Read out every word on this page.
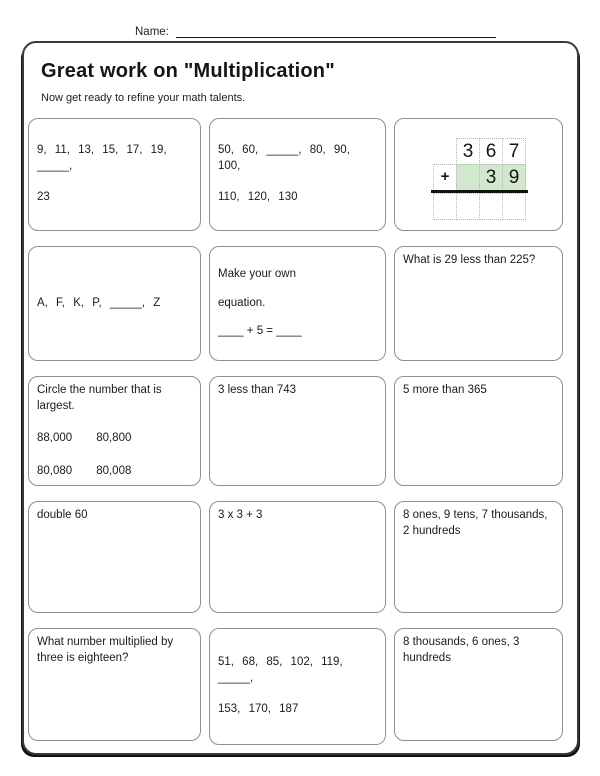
Name:
Great work on "Multiplication"
Now get ready to refine your math talents.
9, 11, 13, 15, 17, 19, _____,
23
50, 60, _____, 80, 90, 100,
110, 120, 130
3 6 7
+	3 9
A, F, K, P, _____, Z
Make your own
equation.
____ + 5 = ____
What is 29 less than 225?
Circle the number that is largest.
88,000 80,800
80,080 80,008
3 less than 743	5 more than 365
double 60	3 x 3 + 3	8 ones, 9 tens, 7 thousands, 2 hundreds
What number multiplied by three is eighteen?	51, 68, 85, 102, 119, _____,
153, 170, 187
8 thousands, 6 ones, 3 hundreds
